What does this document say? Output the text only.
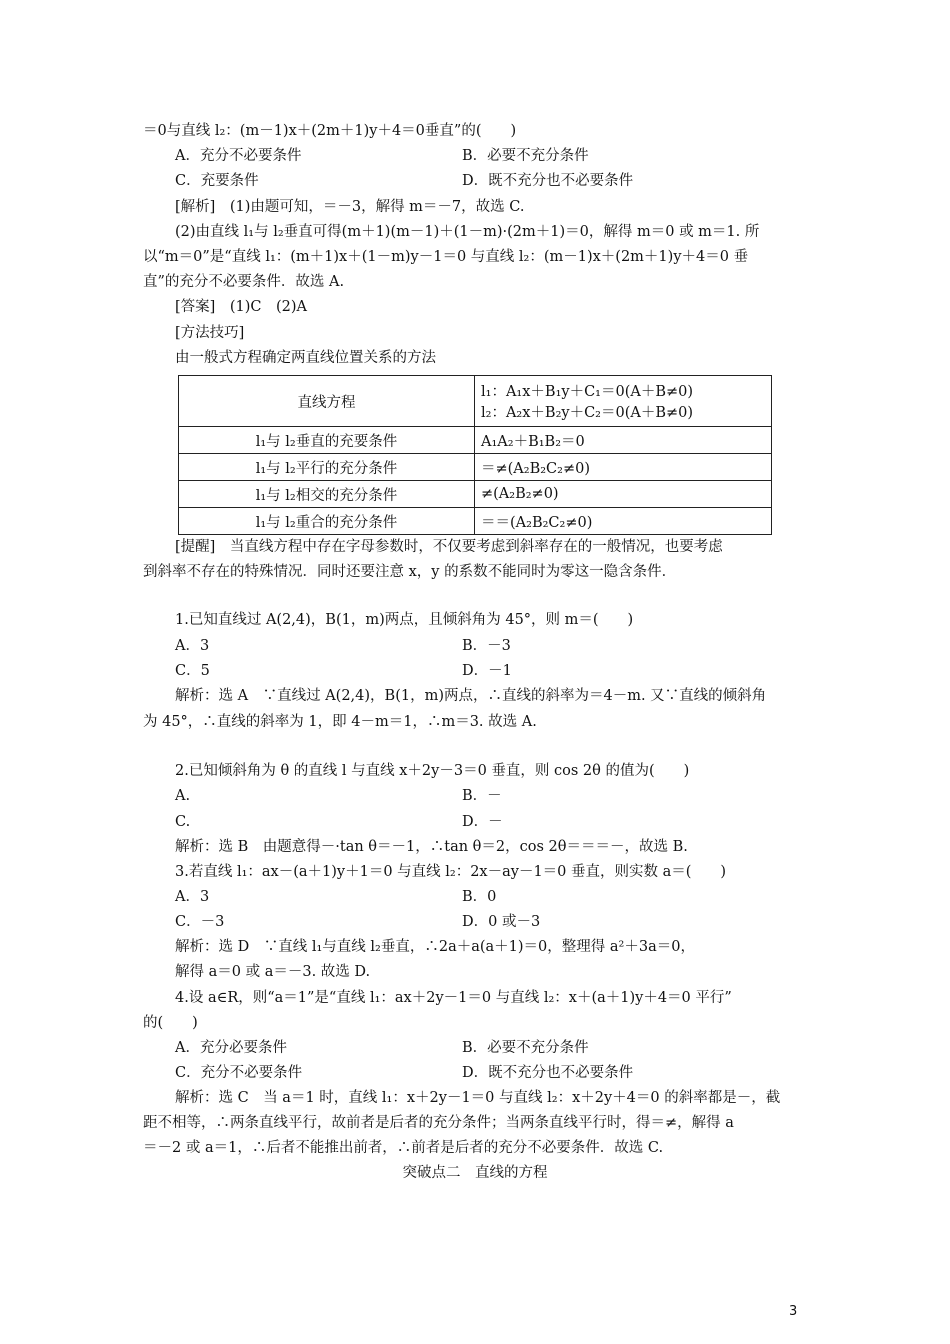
＝0与直线 l₂：(m－1)x＋(2m＋1)y＋4＝0垂直”的(　　)
A．充分不必要条件	B．必要不充分条件
C．充要条件	D．既不充分也不必要条件
[解析]　(1)由题可知，＝－3，解得 m＝－7，故选 C.
(2)由直线 l₁与 l₂垂直可得(m＋1)(m－1)＋(1－m)·(2m＋1)＝0，解得 m＝0 或 m＝1. 所
以“m＝0”是“直线 l₁：(m＋1)x＋(1－m)y－1＝0 与直线 l₂：(m－1)x＋(2m＋1)y＋4＝0 垂
直”的充分不必要条件．故选 A.
[答案]　(1)C　(2)A
[方法技巧]
由一般式方程确定两直线位置关系的方法
直线方程	l₁：A₁x＋B₁y＋C₁＝0(A＋B≠0)
l₂：A₂x＋B₂y＋C₂＝0(A＋B≠0)

l₁与 l₂垂直的充要条件	A₁A₂＋B₁B₂＝0
l₁与 l₂平行的充分条件	＝≠(A₂B₂C₂≠0)
l₁与 l₂相交的充分条件	≠(A₂B₂≠0)
l₁与 l₂重合的充分条件	＝＝(A₂B₂C₂≠0)
[提醒]　当直线方程中存在字母参数时，不仅要考虑到斜率存在的一般情况，也要考虑
到斜率不存在的特殊情况．同时还要注意 x，y 的系数不能同时为零这一隐含条件．
1.已知直线过 A(2,4)，B(1，m)两点，且倾斜角为 45°，则 m＝(　　)
A．3	B．－3
C．5	D．－1
解析：选 A　∵直线过 A(2,4)，B(1，m)两点，∴直线的斜率为＝4－m. 又∵直线的倾斜角
为 45°，∴直线的斜率为 1，即 4－m＝1，∴m＝3. 故选 A.
2.已知倾斜角为 θ 的直线 l 与直线 x＋2y－3＝0 垂直，则 cos 2θ 的值为(　　)
A.	B．－
C.	D．－
解析：选 B　由题意得－·tan θ＝－1，∴tan θ＝2，cos 2θ＝＝＝－，故选 B.
3.若直线 l₁：ax－(a＋1)y＋1＝0 与直线 l₂：2x－ay－1＝0 垂直，则实数 a＝(　　)
A．3	B．0
C．－3	D．0 或－3
解析：选 D　∵直线 l₁与直线 l₂垂直，∴2a＋a(a＋1)＝0，整理得 a²＋3a＝0，
解得 a＝0 或 a＝－3. 故选 D.
4.设 a∈R，则“a＝1”是“直线 l₁：ax＋2y－1＝0 与直线 l₂：x＋(a＋1)y＋4＝0 平行”
的(　　)
A．充分必要条件	B．必要不充分条件
C．充分不必要条件	D．既不充分也不必要条件
解析：选 C　当 a＝1 时，直线 l₁：x＋2y－1＝0 与直线 l₂：x＋2y＋4＝0 的斜率都是－，截
距不相等，∴两条直线平行，故前者是后者的充分条件；当两条直线平行时，得＝≠，解得 a
＝－2 或 a＝1，∴后者不能推出前者，∴前者是后者的充分不必要条件．故选 C.
突破点二　直线的方程
3
